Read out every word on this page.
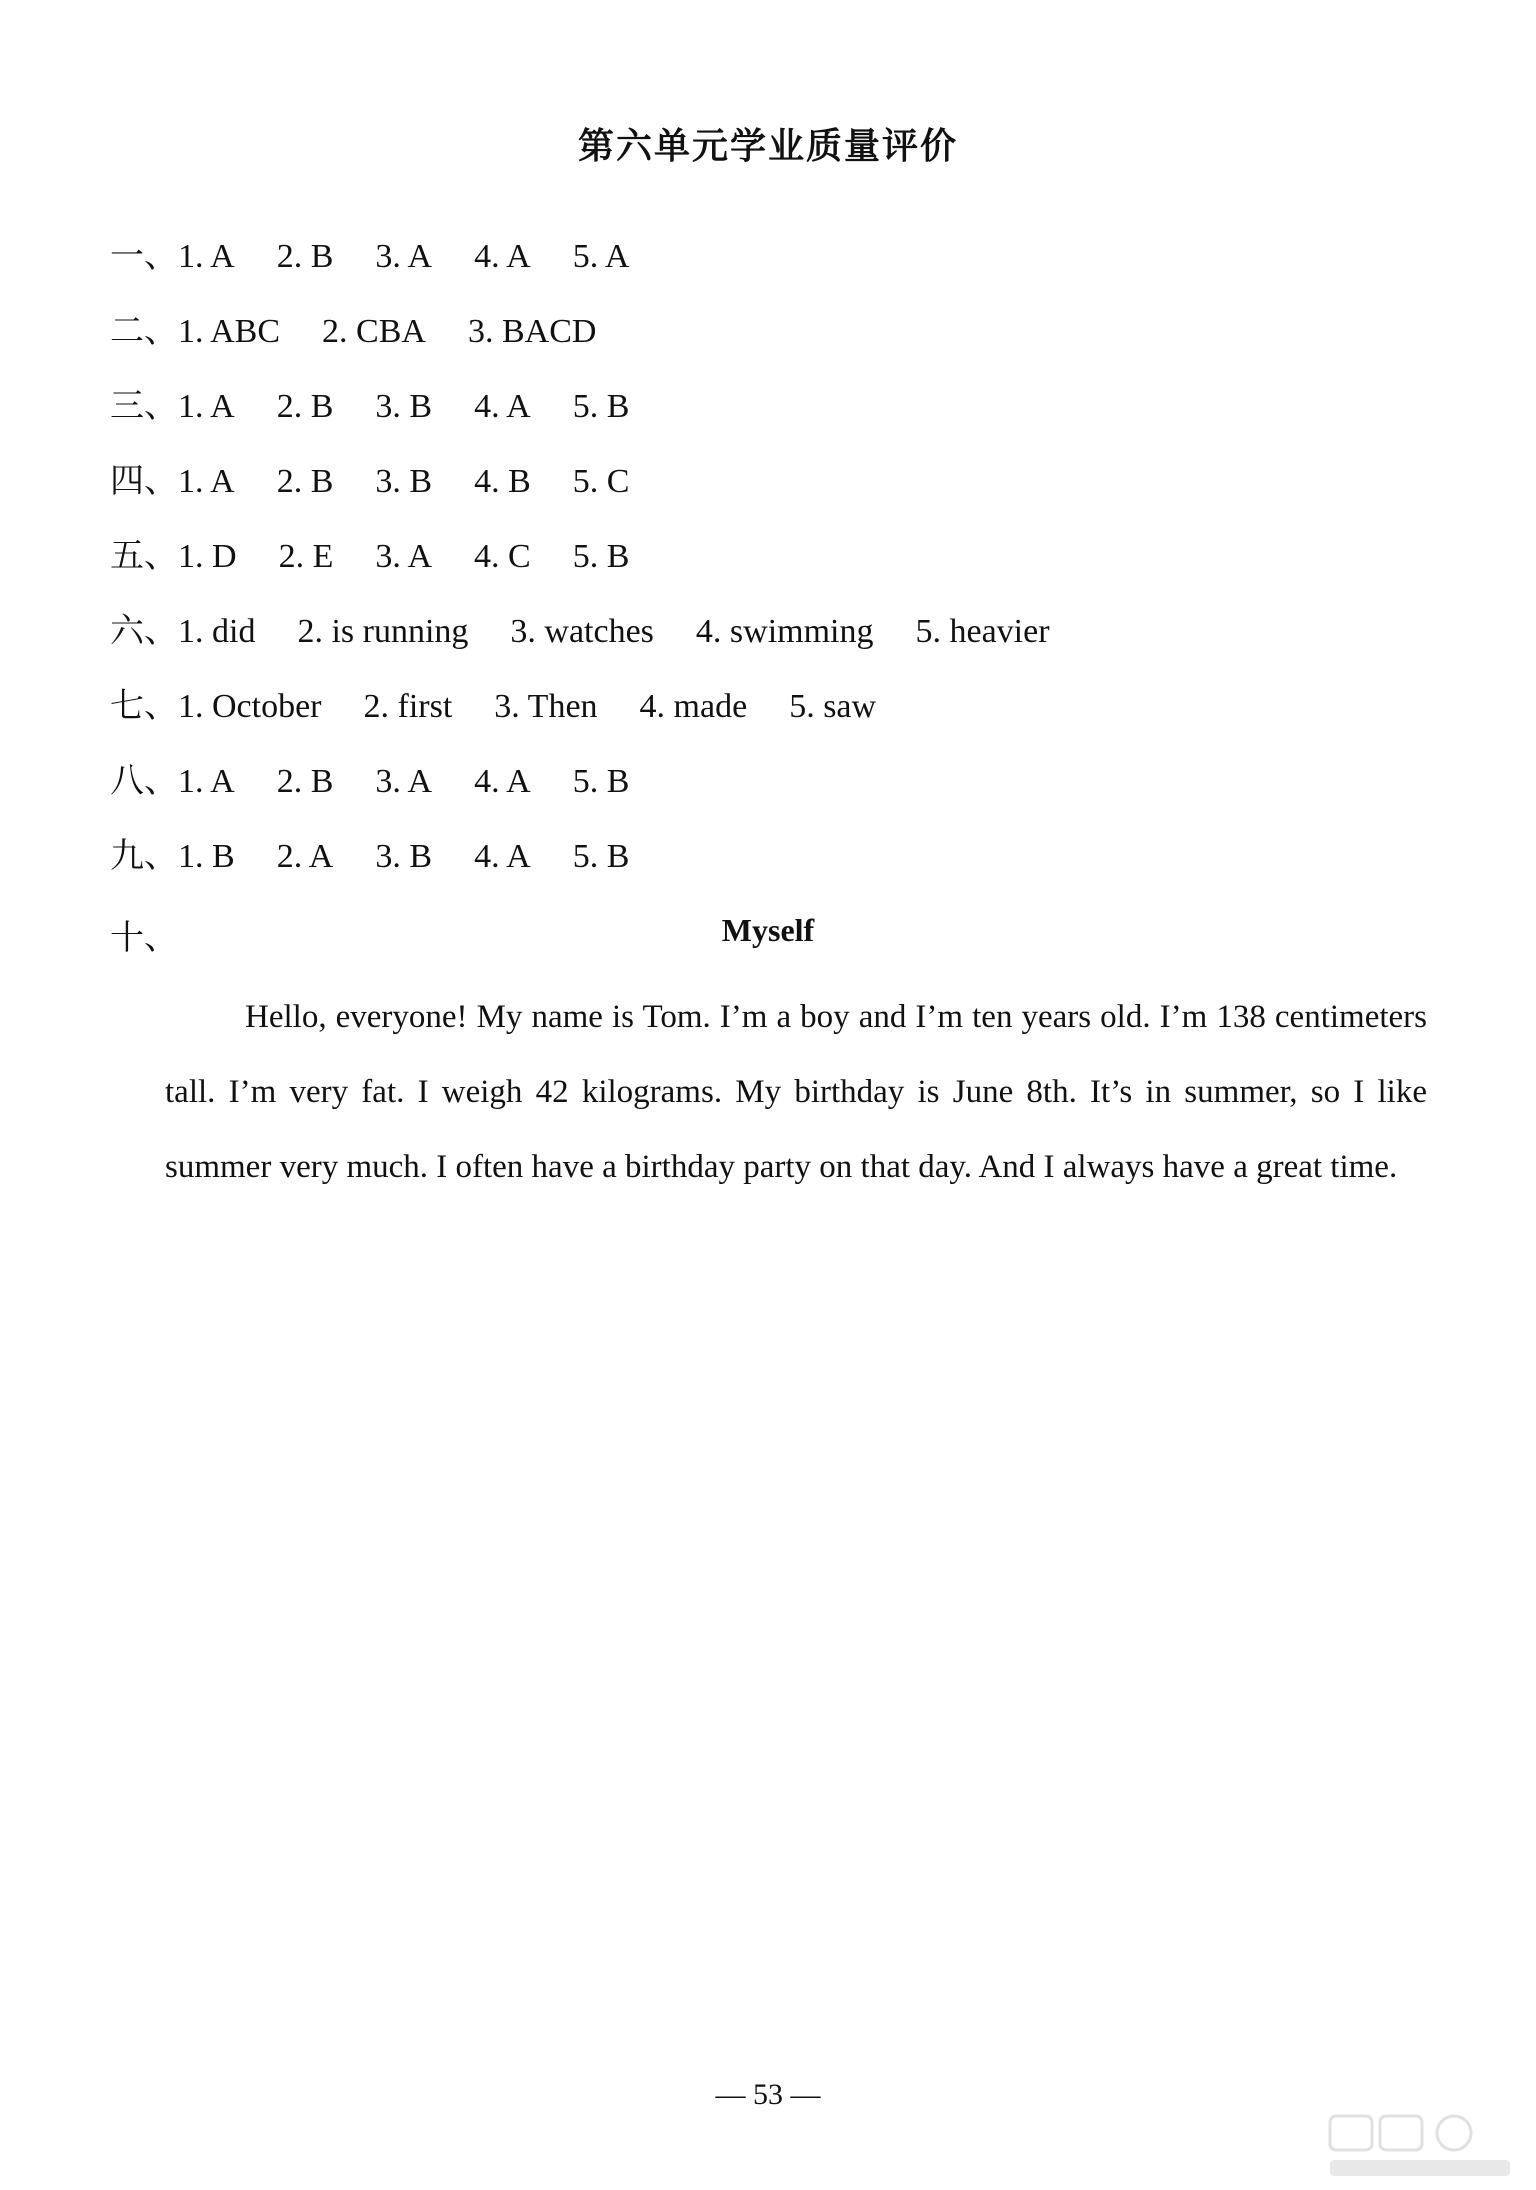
第六单元学业质量评价
一、1. A 2. B 3. A 4. A 5. A
二、1. ABC 2. CBA 3. BACD
三、1. A 2. B 3. B 4. A 5. B
四、1. A 2. B 3. B 4. B 5. C
五、1. D 2. E 3. A 4. C 5. B
六、1. did 2. is running 3. watches 4. swimming 5. heavier
七、1. October 2. first 3. Then 4. made 5. saw
八、1. A 2. B 3. A 4. A 5. B
九、1. B 2. A 3. B 4. A 5. B
十、	Myself
Hello, everyone! My name is Tom. I’m a boy and I’m ten years old. I’m 138 centimeters tall. I’m very fat. I weigh 42 kilograms. My birthday is June 8th. It’s in summer, so I like summer very much. I often have a birthday party on that day. And I always have a great time.
— 53 —
